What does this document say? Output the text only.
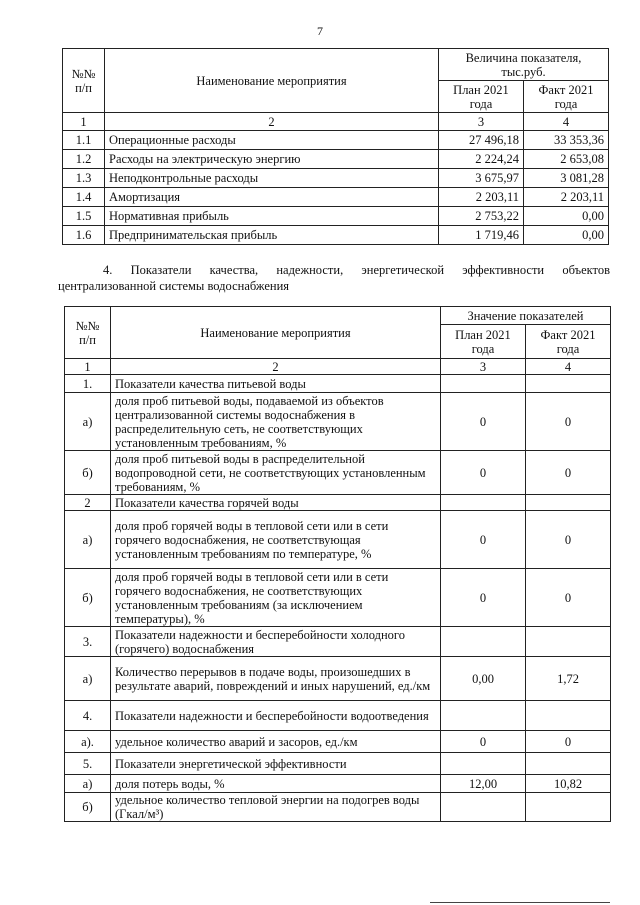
7
№№ п/п	Наименование мероприятия	Величина показателя, тыс.руб.	
		План 2021 года	Факт 2021 года
1	2	3	4
1.1	Операционные расходы	27 496,18	33 353,36
1.2	Расходы на электрическую энергию	2 224,24	2 653,08
1.3	Неподконтрольные расходы	3 675,97	3 081,28
1.4	Амортизация	2 203,11	2 203,11
1.5	Нормативная прибыль	2 753,22	0,00
1.6	Предпринимательская прибыль	1 719,46	0,00
4. Показатели качества, надежности, энергетической эффективности объектов централизованной системы водоснабжения
№№ п/п	Наименование мероприятия	Значение показателей	
		План 2021 года	Факт 2021 года
1	2	3	4
1.	Показатели качества питьевой воды		
а)	доля проб питьевой воды, подаваемой из объектов централизованной системы водоснабжения в распределительную сеть, не соответствующих установленным требованиям, %	0	0
б)	доля проб питьевой воды в распределительной водопроводной сети, не соответствующих установленным требованиям, %	0	0
2	Показатели качества горячей воды		
а)	доля проб горячей воды в тепловой сети или в сети горячего водоснабжения, не соответствующая установленным требованиям по температуре, %	0	0
б)	доля проб горячей воды в тепловой сети или в сети горячего водоснабжения, не соответствующих установленным требованиям (за исключением температуры), %	0	0
3.	Показатели надежности и бесперебойности холодного (горячего) водоснабжения		
а)	Количество перерывов в подаче воды, произошедших в результате аварий, повреждений и иных нарушений, ед./км	0,00	1,72
4.	Показатели надежности и бесперебойности водоотведения		
а).	удельное количество аварий и засоров, ед./км	0	0
5.	Показатели энергетической эффективности		
а)	доля потерь воды, %	12,00	10,82
б)	удельное количество тепловой энергии на подогрев воды (Гкал/м³)		
